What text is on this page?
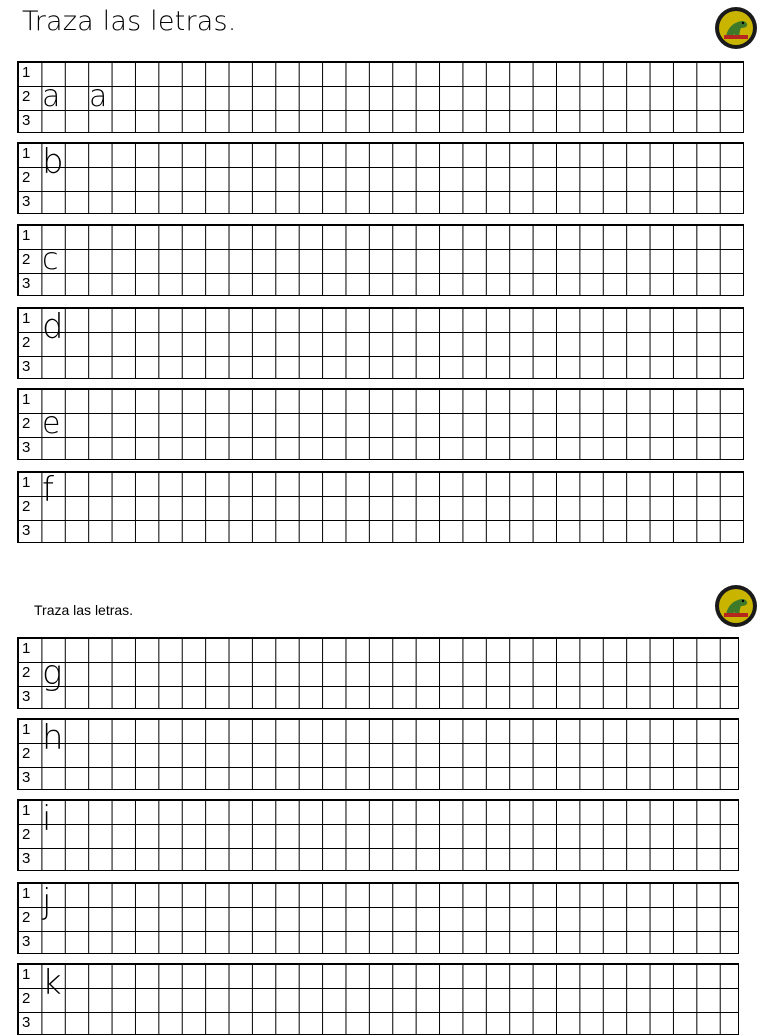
Traza las letras.
Traza las letras.
1
2
3
a a
1
2
3
b
1
2
3
c
1
2
3
d
1
2
3
e
1
2
3
f
1
2
3
g
1
2
3
h
1
2
3
i
1
2
3
j
1
2
3
k
